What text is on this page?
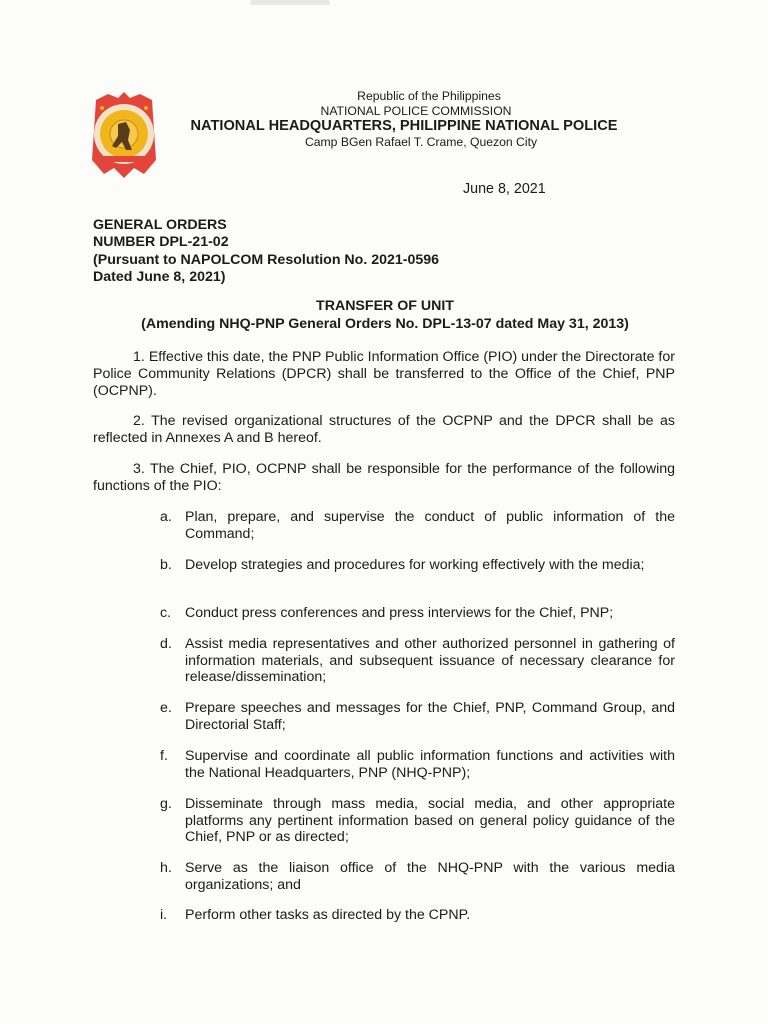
Republic of the Philippines
NATIONAL POLICE COMMISSION
NATIONAL HEADQUARTERS, PHILIPPINE NATIONAL POLICE
Camp BGen Rafael T. Crame, Quezon City
June 8, 2021
GENERAL ORDERS
NUMBER DPL-21-02
(Pursuant to NAPOLCOM Resolution No. 2021-0596
Dated June 8, 2021)
TRANSFER OF UNIT
(Amending NHQ-PNP General Orders No. DPL-13-07 dated May 31, 2013)
1. Effective this date, the PNP Public Information Office (PIO) under the Directorate for Police Community Relations (DPCR) shall be transferred to the Office of the Chief, PNP (OCPNP).
2. The revised organizational structures of the OCPNP and the DPCR shall be as reflected in Annexes A and B hereof.
3. The Chief, PIO, OCPNP shall be responsible for the performance of the following functions of the PIO:
a. Plan, prepare, and supervise the conduct of public information of the Command;
b. Develop strategies and procedures for working effectively with the media;
c. Conduct press conferences and press interviews for the Chief, PNP;
d. Assist media representatives and other authorized personnel in gathering of information materials, and subsequent issuance of necessary clearance for release/dissemination;
e. Prepare speeches and messages for the Chief, PNP, Command Group, and Directorial Staff;
f.	Supervise and coordinate all public information functions and activities with the National Headquarters, PNP (NHQ-PNP);
g. Disseminate through mass media, social media, and other appropriate platforms any pertinent information based on general policy guidance of the Chief, PNP or as directed;
h. Serve as the liaison office of the NHQ-PNP with the various media organizations; and
i.	Perform other tasks as directed by the CPNP.
